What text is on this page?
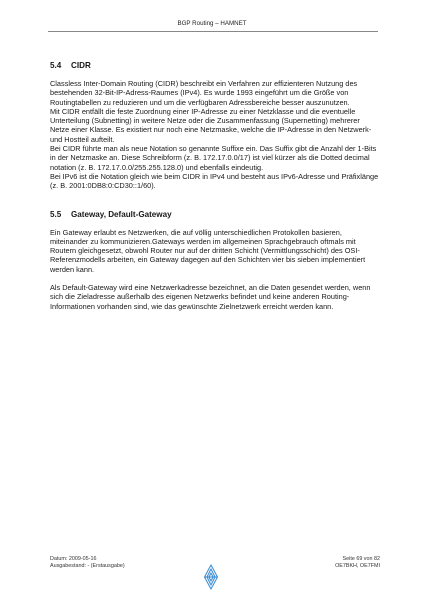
BGP Routing – HAMNET
5.4	CIDR

Classless Inter-Domain Routing (CIDR) beschreibt ein Verfahren zur effizienteren Nutzung des bestehenden 32-Bit-IP-Adress-Raumes (IPv4). Es wurde 1993 eingeführt um die Größe von Routingtabellen zu reduzieren und um die verfügbaren Adressbereiche besser auszunutzen.

Mit CIDR entfällt die feste Zuordnung einer IP-Adresse zu einer Netzklasse und die eventuelle Unterteilung (Subnetting) in weitere Netze oder die Zusammenfassung (Supernetting) mehrerer Netze einer Klasse. Es existiert nur noch eine Netzmaske, welche die IP-Adresse in den Netzwerk- und Hostteil aufteilt.

Bei CIDR führte man als neue Notation so genannte Suffixe ein. Das Suffix gibt die Anzahl der 1-Bits in der Netzmaske an. Diese Schreibform (z. B. 172.17.0.0/17) ist viel kürzer als die Dotted decimal notation (z. B. 172.17.0.0/255.255.128.0) und ebenfalls eindeutig.

Bei IPv6 ist die Notation gleich wie beim CIDR in IPv4 und besteht aus IPv6-Adresse und Präfixlänge (z. B. 2001:0DB8:0:CD30::1/60).

5.5	Gateway, Default-Gateway

Ein Gateway erlaubt es Netzwerken, die auf völlig unterschiedlichen Protokollen basieren, miteinander zu kommunizieren.Gateways werden im allgemeinen Sprachgebrauch oftmals mit Routern gleichgesetzt, obwohl Router nur auf der dritten Schicht (Vermittlungsschicht) des OSI-Referenzmodells arbeiten, ein Gateway dagegen auf den Schichten vier bis sieben implementiert werden kann.

Als Default-Gateway wird eine Netzwerkadresse bezeichnet, an die Daten gesendet werden, wenn sich die Zieladresse außerhalb des eigenen Netzwerks befindet und keine anderen Routing-Informationen vorhanden sind, wie das gewünschte Zielnetzwerk erreicht werden kann.

Datum: 2009-05-16
Ausgabestand: - (Erstausgabe)
Seite 69 von 82
OE7BKH, OE7FMI
